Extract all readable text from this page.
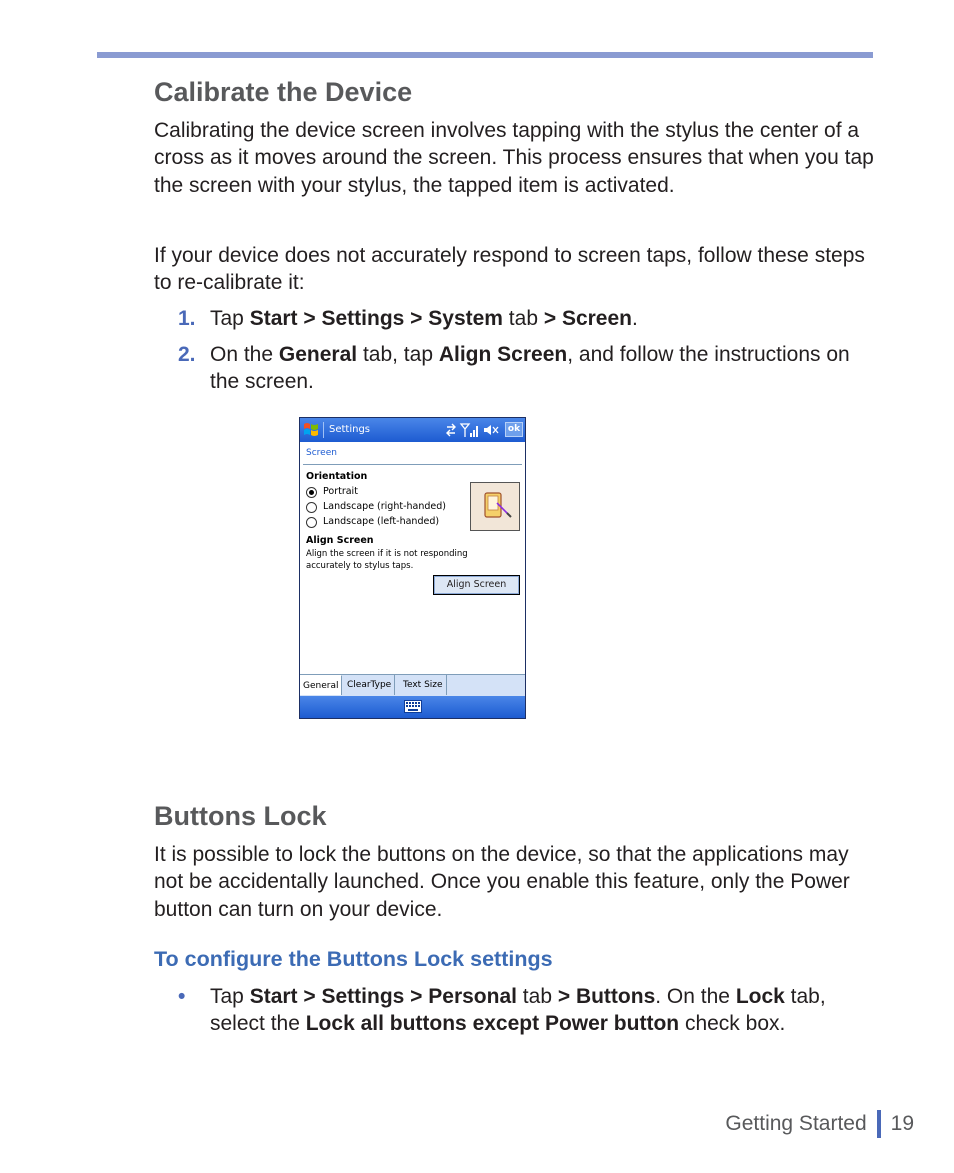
Calibrate the Device

Calibrating the device screen involves tapping with the stylus the center of a cross as it moves around the screen. This process ensures that when you tap the screen with your stylus, the tapped item is activated.

If your device does not accurately respond to screen taps, follow these steps to re-calibrate it:

1. Tap Start > Settings > System tab > Screen.
2. On the General tab, tap Align Screen, and follow the instructions on the screen.
Settings	ok
Screen
Orientation
Portrait
Landscape (right-handed)
Landscape (left-handed)
Align Screen
Align the screen if it is not responding
accurately to stylus taps.
Align Screen
General ClearType	Text Size
Buttons Lock

It is possible to lock the buttons on the device, so that the applications may not be accidentally launched. Once you enable this feature, only the Power button can turn on your device.

To configure the Buttons Lock settings
• Tap Start > Settings > Personal tab > Buttons. On the Lock tab, select the Lock all buttons except Power button check box.
Getting Started 19
